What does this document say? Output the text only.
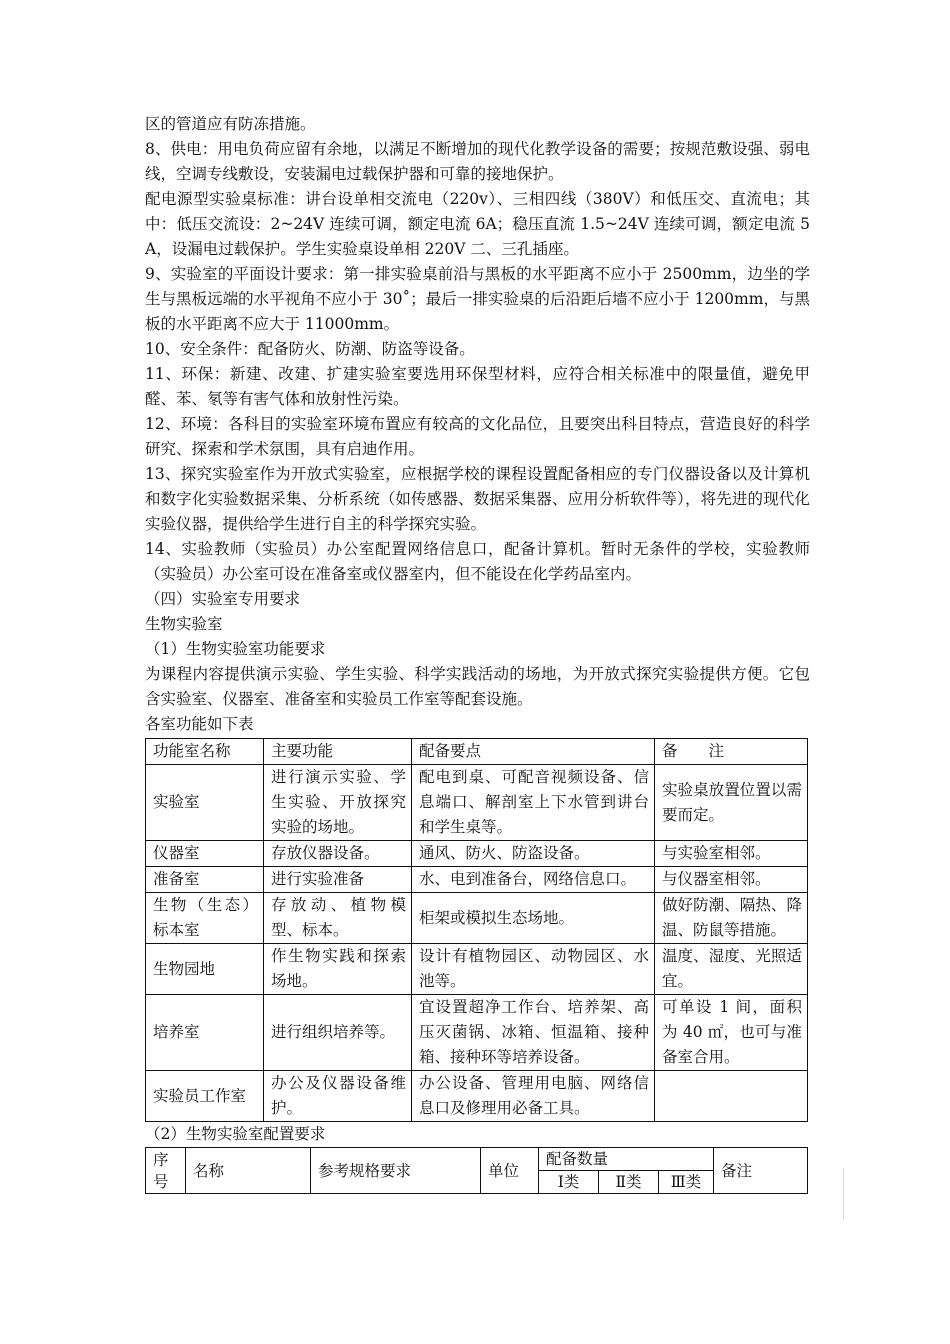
区的管道应有防冻措施。

8、供电：用电负荷应留有余地，以满足不断增加的现代化教学设备的需要；按规范敷设强、弱电线，空调专线敷设，安装漏电过载保护器和可靠的接地保护。

配电源型实验桌标准：讲台设单相交流电（220v）、三相四线（380V）和低压交、直流电；其中：低压交流设：2~24V 连续可调，额定电流 6A；稳压直流 1.5~24V 连续可调，额定电流 5A，设漏电过载保护。学生实验桌设单相 220V 二、三孔插座。

9、实验室的平面设计要求：第一排实验桌前沿与黑板的水平距离不应小于 2500mm，边坐的学生与黑板远端的水平视角不应小于 30˚；最后一排实验桌的后沿距后墙不应小于 1200mm，与黑板的水平距离不应大于 11000mm。

10、安全条件：配备防火、防潮、防盗等设备。

11、环保：新建、改建、扩建实验室要选用环保型材料，应符合相关标准中的限量值，避免甲醛、苯、氡等有害气体和放射性污染。

12、环境：各科目的实验室环境布置应有较高的文化品位，且要突出科目特点，营造良好的科学研究、探索和学术氛围，具有启迪作用。

13、探究实验室作为开放式实验室，应根据学校的课程设置配备相应的专门仪器设备以及计算机和数字化实验数据采集、分析系统（如传感器、数据采集器、应用分析软件等），将先进的现代化实验仪器，提供给学生进行自主的科学探究实验。

14、实验教师（实验员）办公室配置网络信息口，配备计算机。暂时无条件的学校，实验教师（实验员）办公室可设在准备室或仪器室内，但不能设在化学药品室内。

（四）实验室专用要求

生物实验室

（1）生物实验室功能要求

为课程内容提供演示实验、学生实验、科学实践活动的场地，为开放式探究实验提供方便。它包含实验室、仪器室、准备室和实验员工作室等配套设施。

各室功能如下表

功能室名称	主要功能	配备要点	备　　注
实验室	进行演示实验、学生实验、开放探究实验的场地。	配电到桌、可配音视频设备、信息端口、解剖室上下水管到讲台和学生桌等。	实验桌放置位置以需要而定。
仪器室	存放仪器设备。	通风、防火、防盗设备。	与实验室相邻。
准备室	进行实验准备	水、电到准备台，网络信息口。	与仪器室相邻。
生物（生态）标本室	存放动、植物模型、标本。	柜架或模拟生态场地。	做好防潮、隔热、降温、防鼠等措施。
生物园地	作生物实践和探索场地。	设计有植物园区、动物园区、水池等。	温度、湿度、光照适宜。
培养室	进行组织培养等。	宜设置超净工作台、培养架、高压灭菌锅、冰箱、恒温箱、接种箱、接种环等培养设备。	可单设 1 间，面积为 40 ㎡，也可与准备室合用。
实验员工作室	办公及仪器设备维护。	办公设备、管理用电脑、网络信息口及修理用必备工具。	

（2）生物实验室配置要求

序号	名称	参考规格要求	单位	配备数量			备注
				Ⅰ类	Ⅱ类	Ⅲ类	
